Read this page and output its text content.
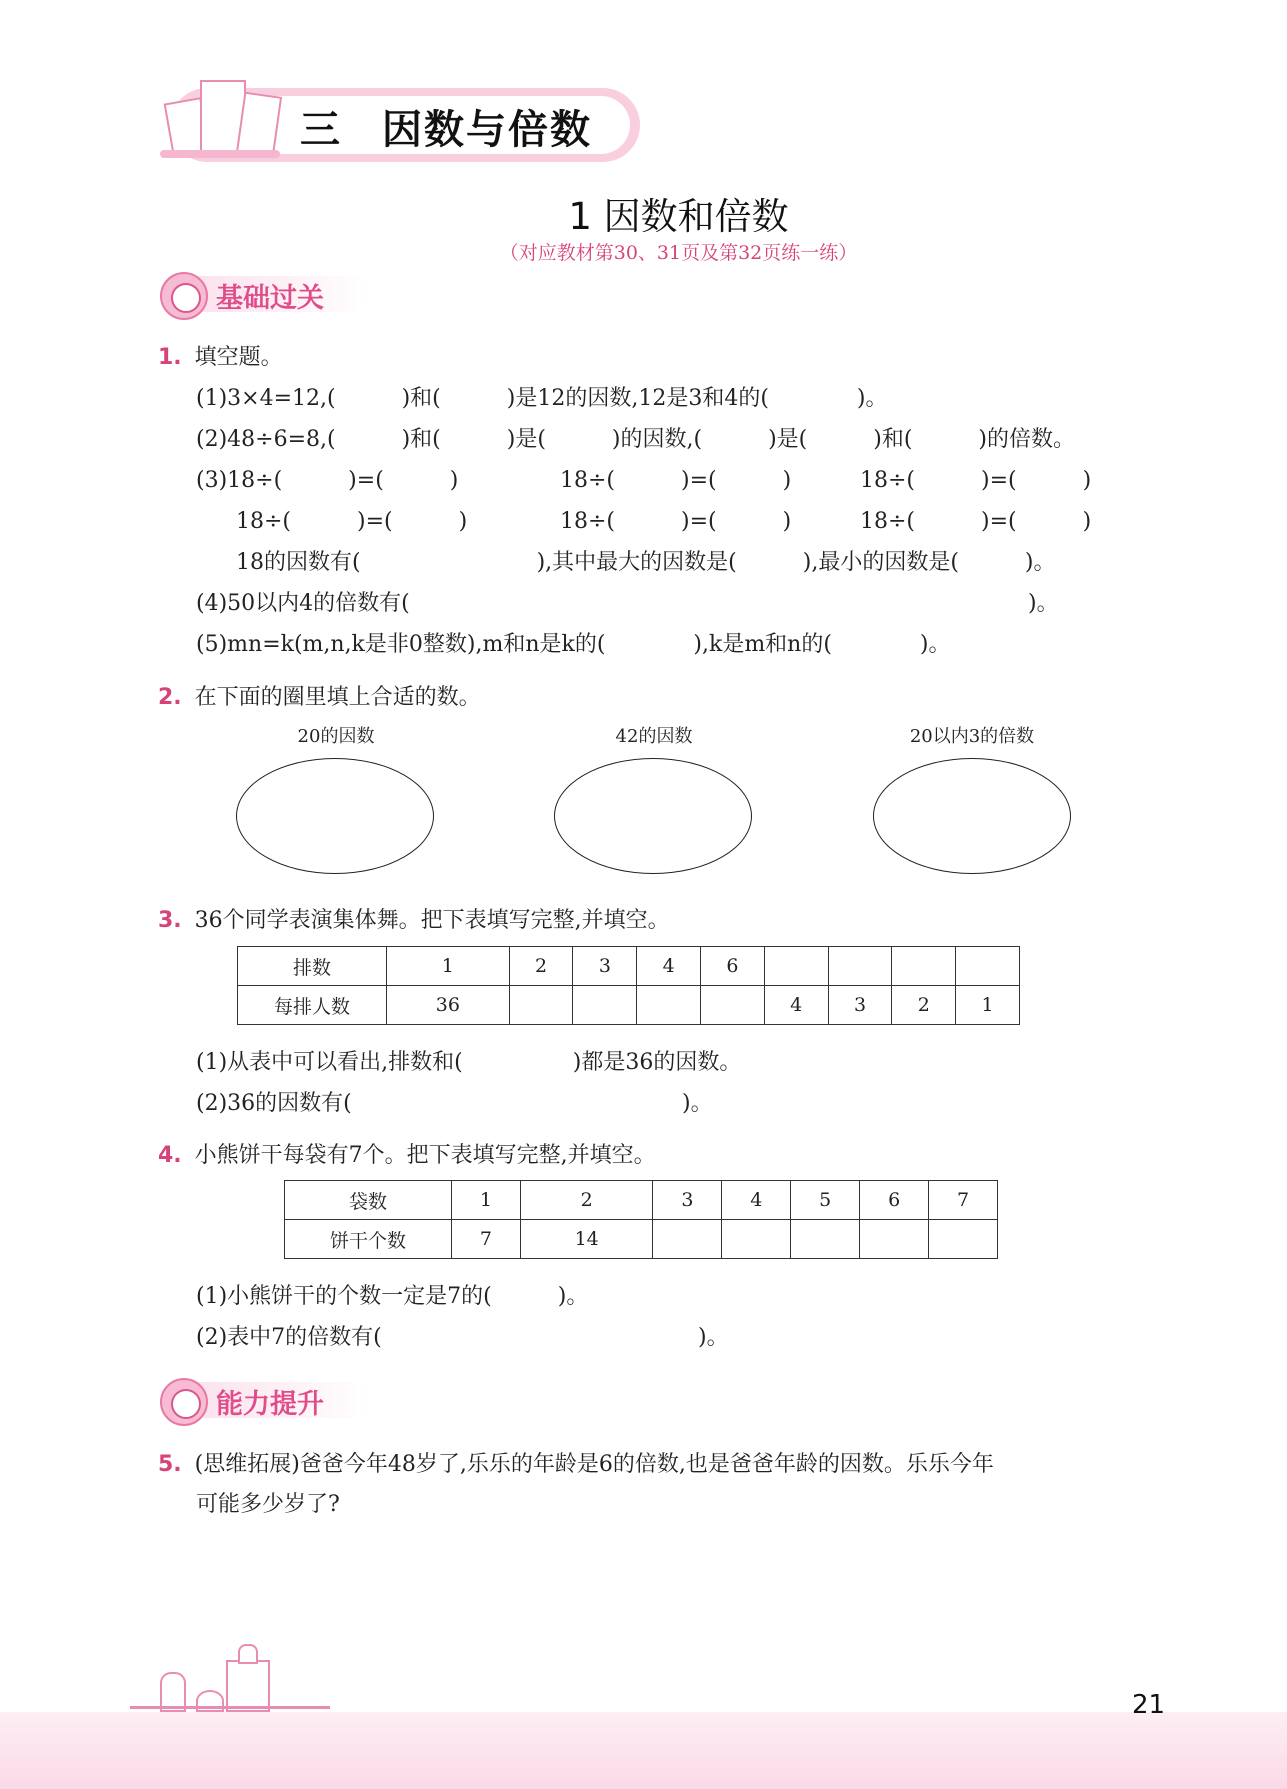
三 因数与倍数
1 因数和倍数
（对应教材第30、31页及第32页练一练）
基础过关
1. 填空题。
(1)3×4=12,(　　　)和(　　　)是12的因数,12是3和4的(　　　　)。
(2)48÷6=8,(　　　)和(　　　)是(　　　)的因数,(　　　)是(　　　)和(　　　)的倍数。
(3)18÷(　　　)=(　　　)	18÷(　　　)=(　　　)	18÷(　　　)=(　　　)
18÷(　　　)=(　　　)	18÷(　　　)=(　　　)	18÷(　　　)=(　　　)
18的因数有(　　　　　　　　),其中最大的因数是(　　　),最小的因数是(　　　)。
(4)50以内4的倍数有(	)。
(5)mn=k(m,n,k是非0整数),m和n是k的(　　　　),k是m和n的(　　　　)。
2. 在下面的圈里填上合适的数。
20的因数	42的因数	20以内3的倍数
3. 36个同学表演集体舞。把下表填写完整,并填空。
排数	1	2	3	4	6				
每排人数	36					4	3	2	1
(1)从表中可以看出,排数和(　　　　　)都是36的因数。
(2)36的因数有(	)。
4. 小熊饼干每袋有7个。把下表填写完整,并填空。
袋数	1	2	3	4	5	6	7
饼干个数	7	14					
(1)小熊饼干的个数一定是7的(　　　)。
(2)表中7的倍数有(	)。
能力提升
5. (思维拓展)爸爸今年48岁了,乐乐的年龄是6的倍数,也是爸爸年龄的因数。乐乐今年
可能多少岁了?
21
